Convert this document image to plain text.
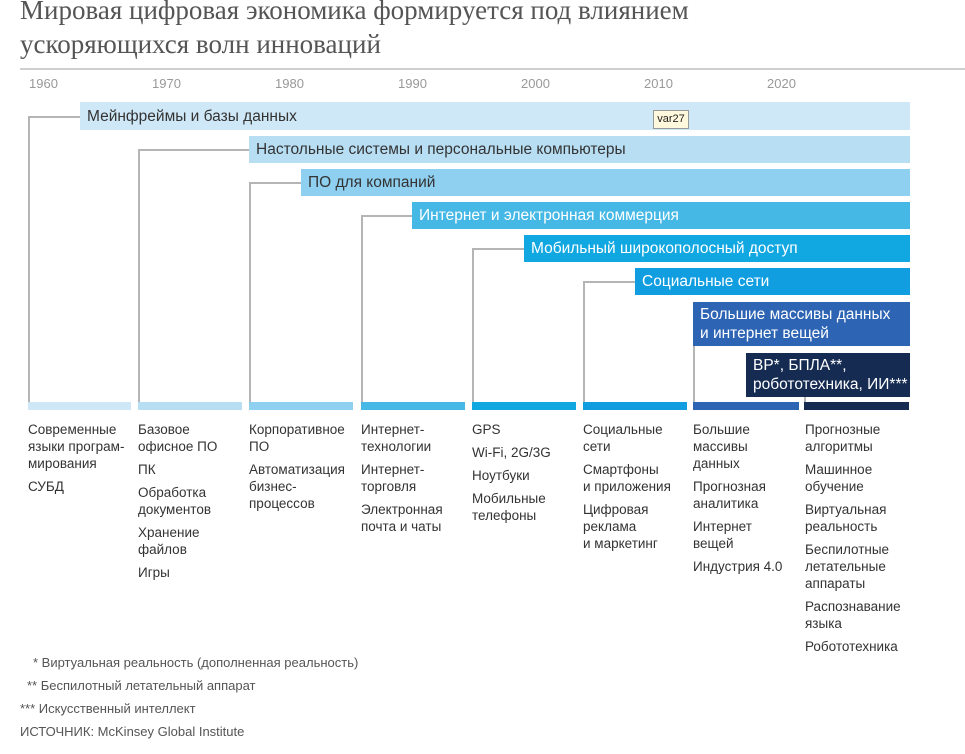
Мировая цифровая экономика формируется под влиянием
ускоряющихся волн инноваций
1960	1970	1980	1990	2000	2010	2020
Мейнфреймы и базы данных
Настольные системы и персональные компьютеры
ПО для компаний
Интернет и электронная коммерция
Мобильный широкополосный доступ
Социальные сети
Большие массивы данных
и интернет вещей
ВР*, БПЛА**,
робототехника, ИИ***
var27
Современные
языки програм-
мирования
СУБД
Базовое
офисное ПО
ПК
Обработка
документов
Хранение
файлов
Игры
Корпоративное
ПО
Автоматизация
бизнес-
процессов
Интернет-
технологии
Интернет-
торговля
Электронная
почта и чаты
GPS
Wi-Fi, 2G/3G
Ноутбуки
Мобильные
телефоны
Социальные
сети
Смартфоны
и приложения
Цифровая
реклама
и маркетинг
Большие
массивы
данных
Прогнозная
аналитика
Интернет
вещей
Индустрия 4.0
Прогнозные
алгоритмы
Машинное
обучение
Виртуальная
реальность
Беспилотные
летательные
аппараты
Распознавание
языка
Робототехника
* Виртуальная реальность (дополненная реальность)
** Беспилотный летательный аппарат
*** Искусственный интеллект
ИСТОЧНИК: McKinsey Global Institute
